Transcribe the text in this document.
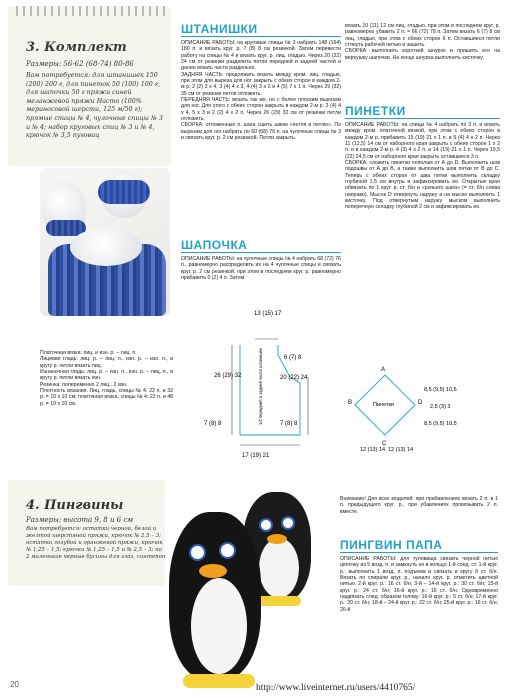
3. Комплект
Размеры: 56-62 (68-74) 80-86
Вам потребуется: для штанишек 150 (200) 200 г, для пинеток 50 (100) 100 г, для шапочки 50 г пряжи синей меланжевой пряжи Насто (100% мериносовой шерсти, 125 м/50 г); прямые спицы № 4, чулочные спицы № 3 и № 4; набор круговых спиц № 3 и № 4, крючок № 3,5 пуговиц
Платочная вязка: лиц. и изн. р. – лиц. п.
Лицевая гладь: лиц. р. – лиц. п., изн. р. – изн. п., в кругу р. петли вязать лиц.
Изнаночная гладь: лиц. р. – изн. п., изн. р. – лиц. п., в кругу р. петли вязать изн.
Резинка: попеременно 2 лиц., 2 изн.
Плотность вязания. Лиц. гладь, спицы № 4: 22 п. и 32 р. = 10 х 10 см; платочная вязка, спицы № 4: 22 п. и 48 р. = 10 х 10 см.
ШТАНИШКИ
ОПИСАНИЕ РАБОТЫ: на круговые спицы № 3 набрать 148 (164) 180 п. и вязать круг. р. 7 (8) 8 см резинкой. Затем перевести работу на спицы № 4 и вязать круг. р. лиц. гладью. Через 20 (22) 24 см от резинки разделить петли передней и задней частей и далее вязать части раздельно.
ЗАДНЯЯ ЧАСТЬ: продолжать вязать между кром. лиц. гладью, при этом для выреза для ног закрыть с обеих сторон в каждом 2-м р. 2 (2) 3 х 4, 3 (4) 4 х 3, 4 (4) 3 х 2 и 4 (5) 7 х 1 п. Через 29 (32) 35 см от резинки петли отложить.
ПЕРЕДНЯЯ ЧАСТЬ: вязать так же, но с более плоским вырезом для ног. Для этого с обеих сторон закрыть в каждом 2-м р. 3 (4) 4 х 4, 5 х 3 и 2 (2) 4 х 2 п. Через 26 (29) 32 см от резинки петли отложить.
СБОРКА: отложенные п. шага сшить швом «петля в петлю». По вырезам для ног набрать по 60 (68) 76 п. на чулочные спицы № 3 и связать круг. р. 2 см резинкой. Петли закрыть.
ШАПОЧКА
ОПИСАНИЕ РАБОТЫ: на чулочные спицы № 4 набрать 68 (72) 76 п., равномерно распределить их на 4 чулочные спицы и связать круг. р. 2 см резинкой, при этом в последнем круг. р. равномерно прибавить 0 (2) 4 п. Затем
вязать 10 (11) 12 см лиц. гладью, при этом в последнем круг. р. равномерно убавить 2 п. = 66 (72) 78 п. Затем вязать 6 (7) 8 см лиц. гладью, при этом с обеих сторон 6 п. Оставшиеся петли стянуть рабочей нитью и зашить.
СБОРКА: выполнить короткий шнурок и пришить его на верхушку шапочки. На конце шнурка выполнить кисточку.
ПИНЕТКИ
ОПИСАНИЕ РАБОТЫ: на спицы № 4 набрать по 3 п. и вязать между кром. платочной вязкой, при этом с обеих сторон в каждом 2-м р. прибавить 15 (19) 21 х 1 п. и 5 (4) 4 х 2 п. Через 11 (12,5) 14 см от наборного края закрыть с обеих сторон 1 х 2 п. и в каждом 2-м р. 4 (3) 4 х 2 п. и 14 (19) 21 х 1 п. Через 19,5 (22) 24,5 см от наборного края закрыть оставшиеся 3 п.
СБОРКА: сложить пинетки пополам от А до D. Выполнить шов подошвы от А до В, а также выполнить шов пятки от В до С. Теперь с обеих сторон от шва пятки выполнить складку глубиной 1,5 см внутрь и зафиксировать ее. Открытые края обвязать по 1 круг. р. ст. б/н и «рачьего шага» (= ст. б/н слева направо). Мысок D отвернуть наружу и на мыске выполнить 1 кисточку. Под отвернутым наружу мыском выполнить поперечную складку глубиной 2 см и зафиксировать ее.
13 (15) 17
6 (7) 8
26 (29) 32	20 (22) 24
7 (8) 8	7 (8) 8
17 (19) 21
1/2 передней и задней части штанишек	Пинетки
A
B
C
D
8,5 (9,5) 10,5
2,5 (3) 3
8,5 (9,5) 10,5
12 (13) 14 12 (13) 14
4. Пингвины
Размеры: высота 9, 8 и 6 см
Вам потребуется: остатки черной, белой и желтой шерстяной пряжи, крючок № 2,5 – 3; остатки голубой и оранжевой пряжи, крючок № 1,25 – 1,5; крючки № 1,25 – 1,5 и № 2,5 – 3; по 2 маленькие черные бусины для глаз, синтепон
Внимание! Для всех моделей: при прибавлениях вязать 2 п. в 1 п. предыдущего круг. р., при убавлениях провязывать 2 п. вместе.
ПИНГВИН ПАПА
ОПИСАНИЕ РАБОТЫ: для туловища связать черной нитью цепочку из 5 возд. п. и замкнуть ее в кольцо 1-й соед. ст. 1-й круг. р.: выполнить 1 возд. п. подъема и связать в кругу 8 ст. б/н. Вязать по спирали круг. р., начало круг. р. отметить цветной нитью. 2-й круг. р.: 16 ст. б/н; 3-й – 14-й круг. р.: 30 ст. б/н; 15-й круг. р.: 24 ст. б/н; 16-й круг. р.: 16 ст. б/н. Одновременно надвязать след. образом голову: 16-й круг. р.: 5 ст. б/н; 17-й круг. р.: 20 ст. б/н; 18-й – 24-й круг. р.: 22 ст. б/н; 25-й круг. р.: 16 ст. б/н; 26-й
20	http://www.liveinternet.ru/users/4410765/
